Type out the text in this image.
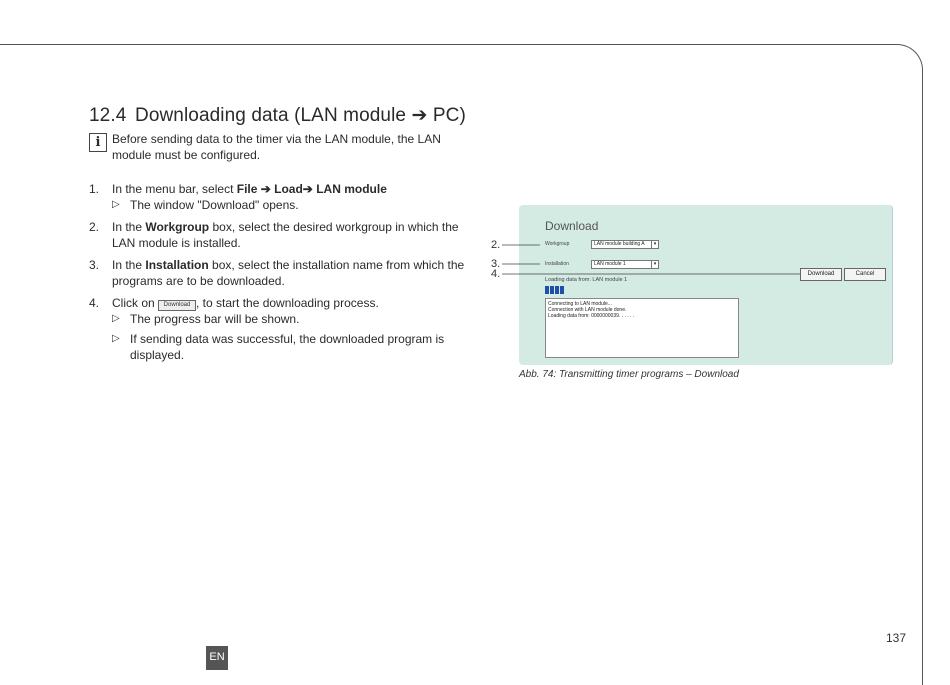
12.4 Downloading data (LAN module ➔ PC)
i Before sending data to the timer via the LAN module, the LAN module must be configured.
1. In the menu bar, select File ➔ Load➔ LAN module
▷ The window "Download" opens.
2. In the Workgroup box, select the desired workgroup in which the LAN module is installed.
3. In the Installation box, select the installation name from which the programs are to be downloaded.
4. Click on Download , to start the downloading process.
▷ The progress bar will be shown.
▷ If sending data was successful, the downloaded program is displayed.
Download
Workgroup	LAN module building A	▾
Installation	LAN module 1	▾
Download	Cancel
Loading data from: LAN module 1
Connecting to LAN module...
Connection with LAN module done.
Loading data from: 0000000039. . . . . .
2.
3.
4.
Abb. 74: Transmitting timer programs – Download
137
EN
